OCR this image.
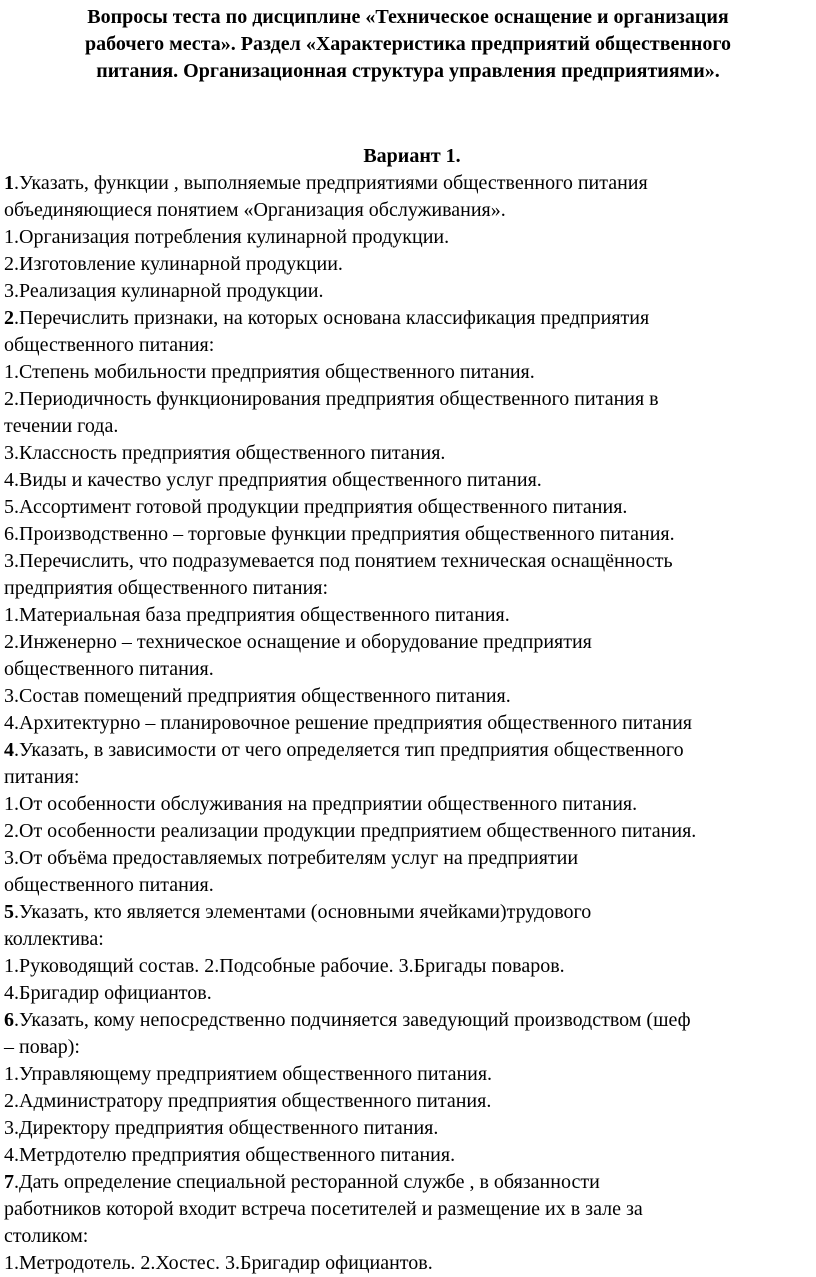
Вопросы теста по дисциплине «Техническое оснащение и организация
рабочего места». Раздел «Характеристика предприятий общественного
питания. Организационная структура управления предприятиями».
Вариант 1.
1.Указать, функции , выполняемые предприятиями общественного питания
объединяющиеся понятием «Организация обслуживания».
1.Организация потребления кулинарной продукции.
2.Изготовление кулинарной продукции.
3.Реализация кулинарной продукции.
2.Перечислить признаки, на которых основана классификация предприятия
общественного питания:
1.Степень мобильности предприятия общественного питания.
2.Периодичность функционирования предприятия общественного питания в
течении года.
3.Классность предприятия общественного питания.
4.Виды и качество услуг предприятия общественного питания.
5.Ассортимент готовой продукции предприятия общественного питания.
6.Производственно – торговые функции предприятия общественного питания.
3.Перечислить, что подразумевается под понятием техническая оснащённость
предприятия общественного питания:
1.Материальная база предприятия общественного питания.
2.Инженерно – техническое оснащение и оборудование предприятия
общественного питания.
3.Состав помещений предприятия общественного питания.
4.Архитектурно – планировочное решение предприятия общественного питания
4.Указать, в зависимости от чего определяется тип предприятия общественного
питания:
1.От особенности обслуживания на предприятии общественного питания.
2.От особенности реализации продукции предприятием общественного питания.
3.От объёма предоставляемых потребителям услуг на предприятии
общественного питания.
5.Указать, кто является элементами (основными ячейками)трудового
коллектива:
1.Руководящий состав. 2.Подсобные рабочие. 3.Бригады поваров.
4.Бригадир официантов.
6.Указать, кому непосредственно подчиняется заведующий производством (шеф
– повар):
1.Управляющему предприятием общественного питания.
2.Администратору предприятия общественного питания.
3.Директору предприятия общественного питания.
4.Метрдотелю предприятия общественного питания.
7.Дать определение специальной ресторанной службе , в обязанности
работников которой входит встреча посетителей и размещение их в зале за
столиком:
1.Метродотель. 2.Хостес. 3.Бригадир официантов.
